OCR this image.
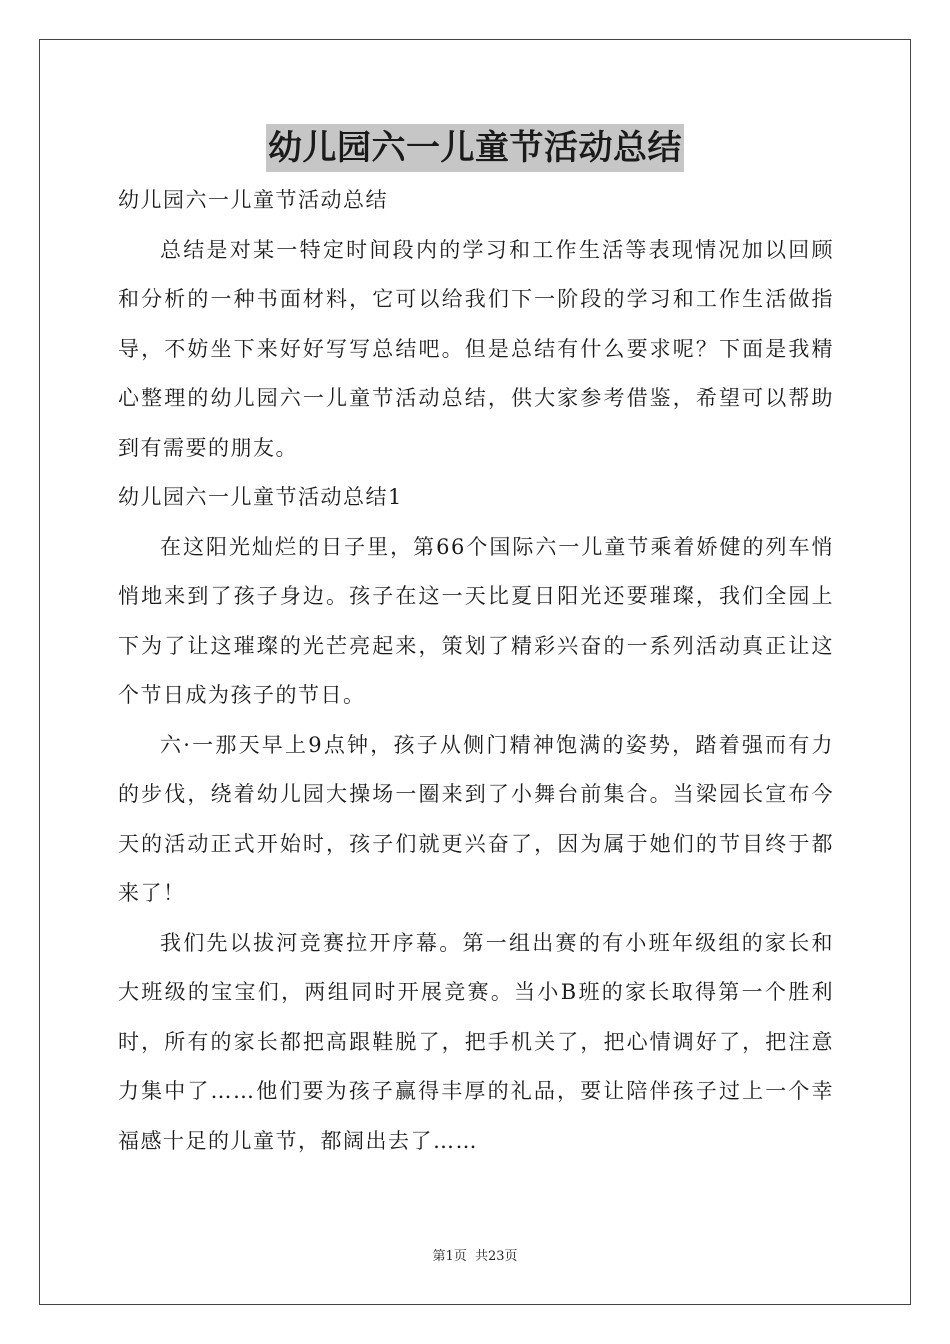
幼儿园六一儿童节活动总结

幼儿园六一儿童节活动总结

总结是对某一特定时间段内的学习和工作生活等表现情况加以回顾和分析的一种书面材料，它可以给我们下一阶段的学习和工作生活做指导，不妨坐下来好好写写总结吧。但是总结有什么要求呢？下面是我精心整理的幼儿园六一儿童节活动总结，供大家参考借鉴，希望可以帮助到有需要的朋友。

幼儿园六一儿童节活动总结1

在这阳光灿烂的日子里，第66个国际六一儿童节乘着娇健的列车悄悄地来到了孩子身边。孩子在这一天比夏日阳光还要璀璨，我们全园上下为了让这璀璨的光芒亮起来，策划了精彩兴奋的一系列活动真正让这个节日成为孩子的节日。

六·一那天早上9点钟，孩子从侧门精神饱满的姿势，踏着强而有力的步伐，绕着幼儿园大操场一圈来到了小舞台前集合。当梁园长宣布今天的活动正式开始时，孩子们就更兴奋了，因为属于她们的节目终于都来了！

我们先以拔河竞赛拉开序幕。第一组出赛的有小班年级组的家长和大班级的宝宝们，两组同时开展竞赛。当小B班的家长取得第一个胜利时，所有的家长都把高跟鞋脱了，把手机关了，把心情调好了，把注意力集中了……他们要为孩子赢得丰厚的礼品，要让陪伴孩子过上一个幸福感十足的儿童节，都阔出去了……

第1页 共23页
